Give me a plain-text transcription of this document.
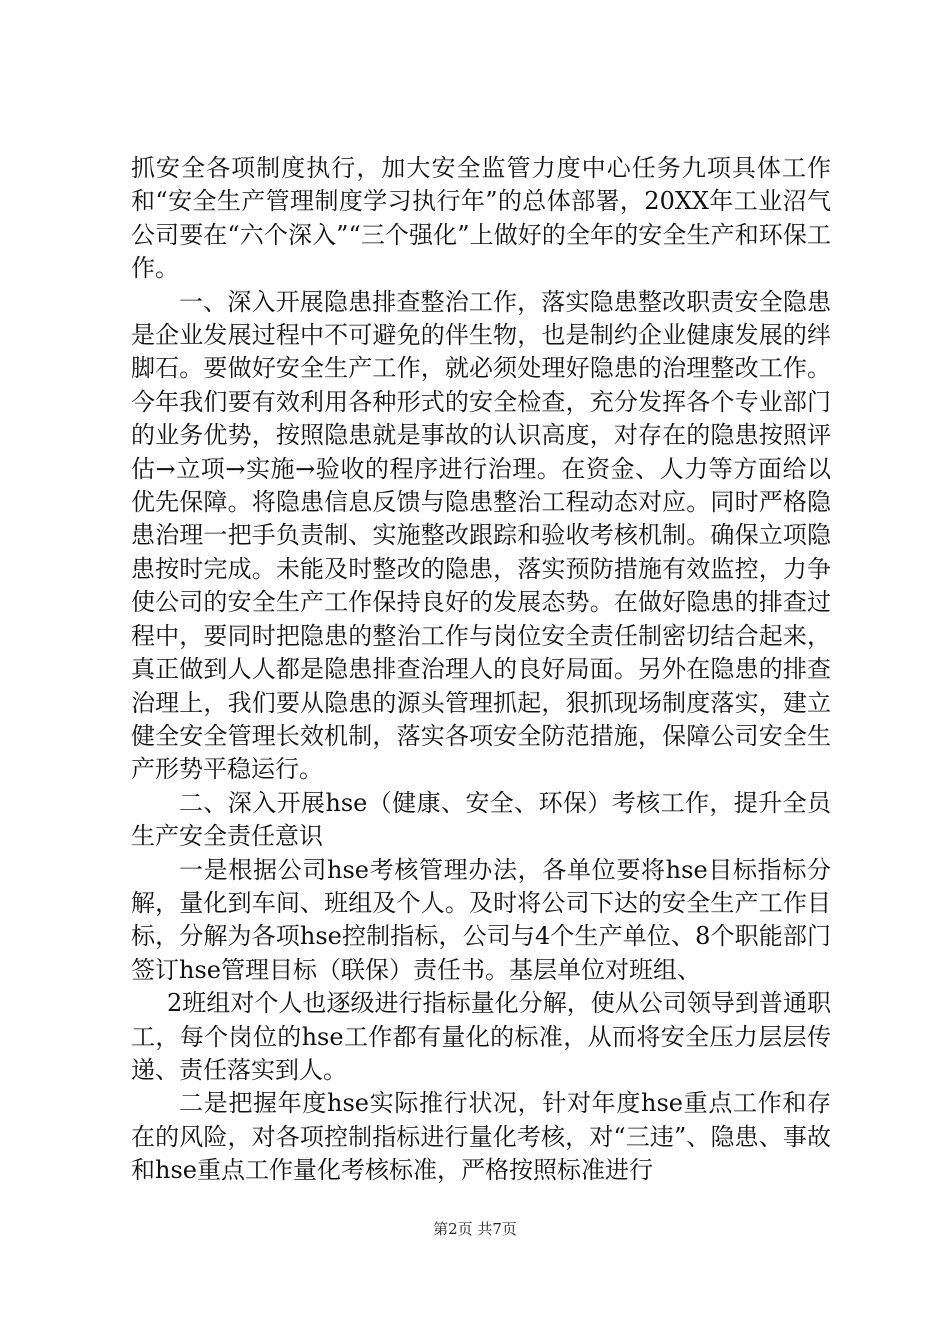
抓安全各项制度执行，加大安全监管力度中心任务九项具体工作和“安全生产管理制度学习执行年”的总体部署，20XX年工业沼气公司要在“六个深入”“三个强化”上做好的全年的安全生产和环保工作。

一、深入开展隐患排查整治工作，落实隐患整改职责安全隐患是企业发展过程中不可避免的伴生物，也是制约企业健康发展的绊脚石。要做好安全生产工作，就必须处理好隐患的治理整改工作。今年我们要有效利用各种形式的安全检查，充分发挥各个专业部门的业务优势，按照隐患就是事故的认识高度，对存在的隐患按照评估→立项→实施→验收的程序进行治理。在资金、人力等方面给以优先保障。将隐患信息反馈与隐患整治工程动态对应。同时严格隐患治理一把手负责制、实施整改跟踪和验收考核机制。确保立项隐患按时完成。未能及时整改的隐患，落实预防措施有效监控，力争使公司的安全生产工作保持良好的发展态势。在做好隐患的排查过程中，要同时把隐患的整治工作与岗位安全责任制密切结合起来，真正做到人人都是隐患排查治理人的良好局面。另外在隐患的排查治理上，我们要从隐患的源头管理抓起，狠抓现场制度落实，建立健全安全管理长效机制，落实各项安全防范措施，保障公司安全生产形势平稳运行。

二、深入开展hse（健康、安全、环保）考核工作，提升全员生产安全责任意识

一是根据公司hse考核管理办法，各单位要将hse目标指标分解，量化到车间、班组及个人。及时将公司下达的安全生产工作目标，分解为各项hse控制指标，公司与4个生产单位、8个职能部门签订hse管理目标（联保）责任书。基层单位对班组、

2班组对个人也逐级进行指标量化分解，使从公司领导到普通职工，每个岗位的hse工作都有量化的标准，从而将安全压力层层传递、责任落实到人。

二是把握年度hse实际推行状况，针对年度hse重点工作和存在的风险，对各项控制指标进行量化考核，对“三违”、隐患、事故和hse重点工作量化考核标准，严格按照标准进行

第2页 共7页
